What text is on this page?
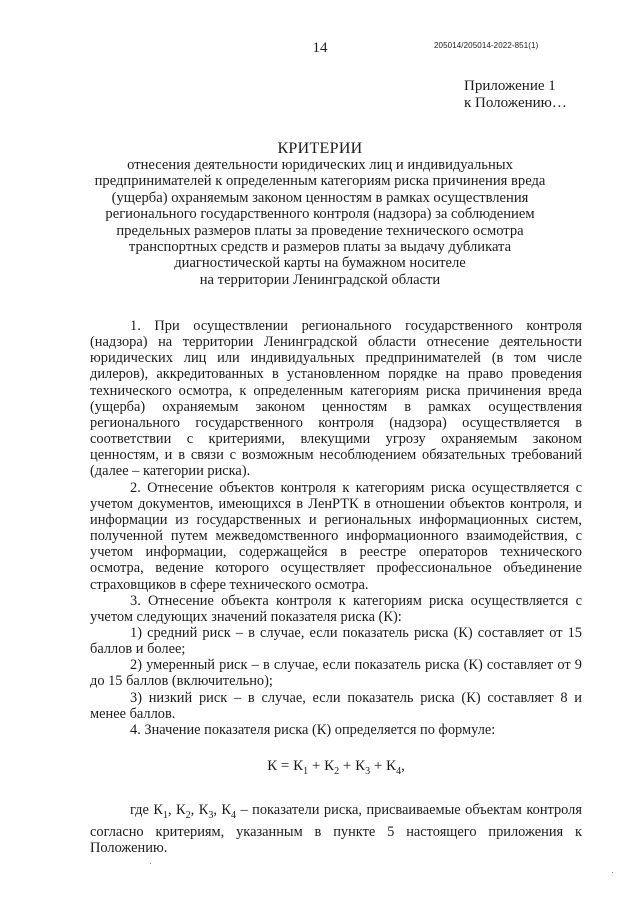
14	205014/205014-2022-851(1)
Приложение 1
к Положению…
КРИТЕРИИ
отнесения деятельности юридических лиц и индивидуальных
предпринимателей к определенным категориям риска причинения вреда
(ущерба) охраняемым законом ценностям в рамках осуществления
регионального государственного контроля (надзора) за соблюдением
предельных размеров платы за проведение технического осмотра
транспортных средств и размеров платы за выдачу дубликата
диагностической карты на бумажном носителе
на территории Ленинградской области

1. При осуществлении регионального государственного контроля (надзора) на территории Ленинградской области отнесение деятельности юридических лиц или индивидуальных предпринимателей (в том числе дилеров), аккредитованных в установленном порядке на право проведения технического осмотра, к определенным категориям риска причинения вреда (ущерба) охраняемым законом ценностям в рамках осуществления регионального государственного контроля (надзора) осуществляется в соответствии с критериями, влекущими угрозу охраняемым законом ценностям, и в связи с возможным несоблюдением обязательных требований (далее – категории риска).

2. Отнесение объектов контроля к категориям риска осуществляется с учетом документов, имеющихся в ЛенРТК в отношении объектов контроля, и информации из государственных и региональных информационных систем, полученной путем межведомственного информационного взаимодействия, с учетом информации, содержащейся в реестре операторов технического осмотра, ведение которого осуществляет профессиональное объединение страховщиков в сфере технического осмотра.

3. Отнесение объекта контроля к категориям риска осуществляется с учетом следующих значений показателя риска (К):

1) средний риск – в случае, если показатель риска (К) составляет от 15 баллов и более;

2) умеренный риск – в случае, если показатель риска (К) составляет от 9 до 15 баллов (включительно);

3) низкий риск – в случае, если показатель риска (К) составляет 8 и менее баллов.

4. Значение показателя риска (К) определяется по формуле:

$К = К_1 + К_2 + К_3 + К_4$,

где $К_1$, $К_2$, $К_3$, $К_4$ – показатели риска, присваиваемые объектам контроля согласно критериям, указанным в пункте 5 настоящего приложения к Положению.
